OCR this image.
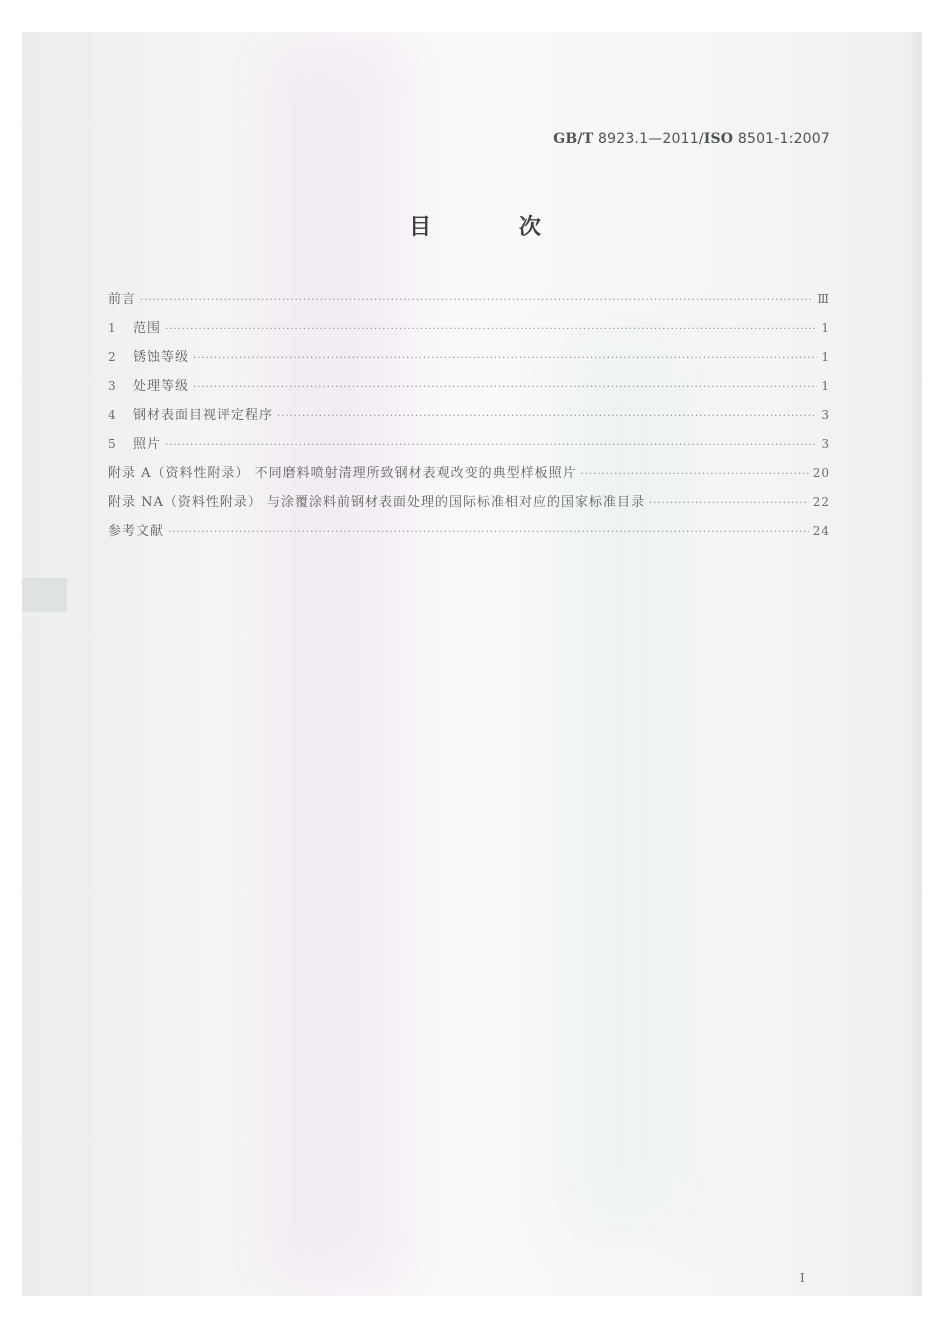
GB/T 8923.1—2011/ISO 8501-1:2007
目 次
前言 ·····	Ⅲ
1	范围 ·····	1
2	锈蚀等级 ·····	1
3	处理等级 ·····	1
4	钢材表面目视评定程序 ·····	3
5	照片 ·····	3
附录 A（资料性附录） 不同磨料喷射清理所致钢材表观改变的典型样板照片 ·····	20
附录 NA（资料性附录） 与涂覆涂料前钢材表面处理的国际标准相对应的国家标准目录 ·····	22
参考文献 ·····	24
I
